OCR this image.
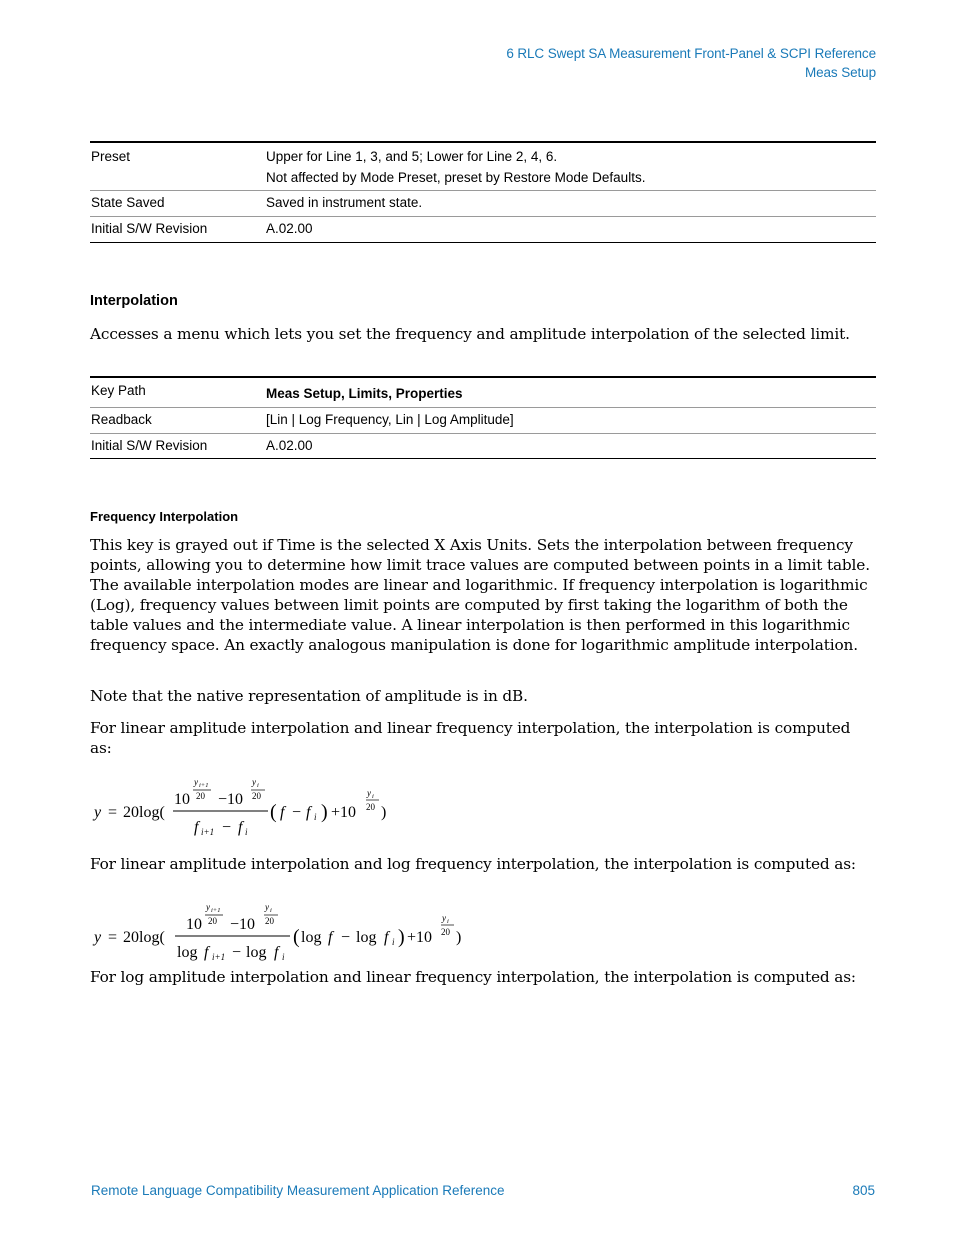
6 RLC Swept SA Measurement Front-Panel & SCPI Reference
Meas Setup
Preset	Upper for Line 1, 3, and 5; Lower for Line 2, 4, 6.
Not affected by Mode Preset, preset by Restore Mode Defaults.

State Saved	Saved in instrument state.
Initial S/W Revision	A.02.00
Interpolation

Accesses a menu which lets you set the frequency and amplitude interpolation of the selected limit.

Key Path	Meas Setup, Limits, Properties
Readback	[Lin | Log Frequency, Lin | Log Amplitude]
Initial S/W Revision	A.02.00
Frequency Interpolation

This key is grayed out if Time is the selected X Axis Units. Sets the interpolation between frequency points, allowing you to determine how limit trace values are computed between points in a limit table. The available interpolation modes are linear and logarithmic. If frequency interpolation is logarithmic (Log), frequency values between limit points are computed by first taking the logarithm of both the table values and the intermediate value. A linear interpolation is then performed in this logarithmic frequency space. An exactly analogous manipulation is done for logarithmic amplitude interpolation.

Note that the native representation of amplitude is in dB.

For linear amplitude interpolation and linear frequency interpolation, the interpolation is computed as:

y = 20log(
10
y i+1
20 −10
y i
20
f i+1 − f i
( f − f i ) +10
y i
20 )

For linear amplitude interpolation and log frequency interpolation, the interpolation is computed as:

y = 20log(
10
y i+1
20 −10
y i
20
log f i+1 − log f i
( log f − log f i ) +10
y i
20 )

For log amplitude interpolation and linear frequency interpolation, the interpolation is computed as:

Remote Language Compatibility Measurement Application Reference	805
